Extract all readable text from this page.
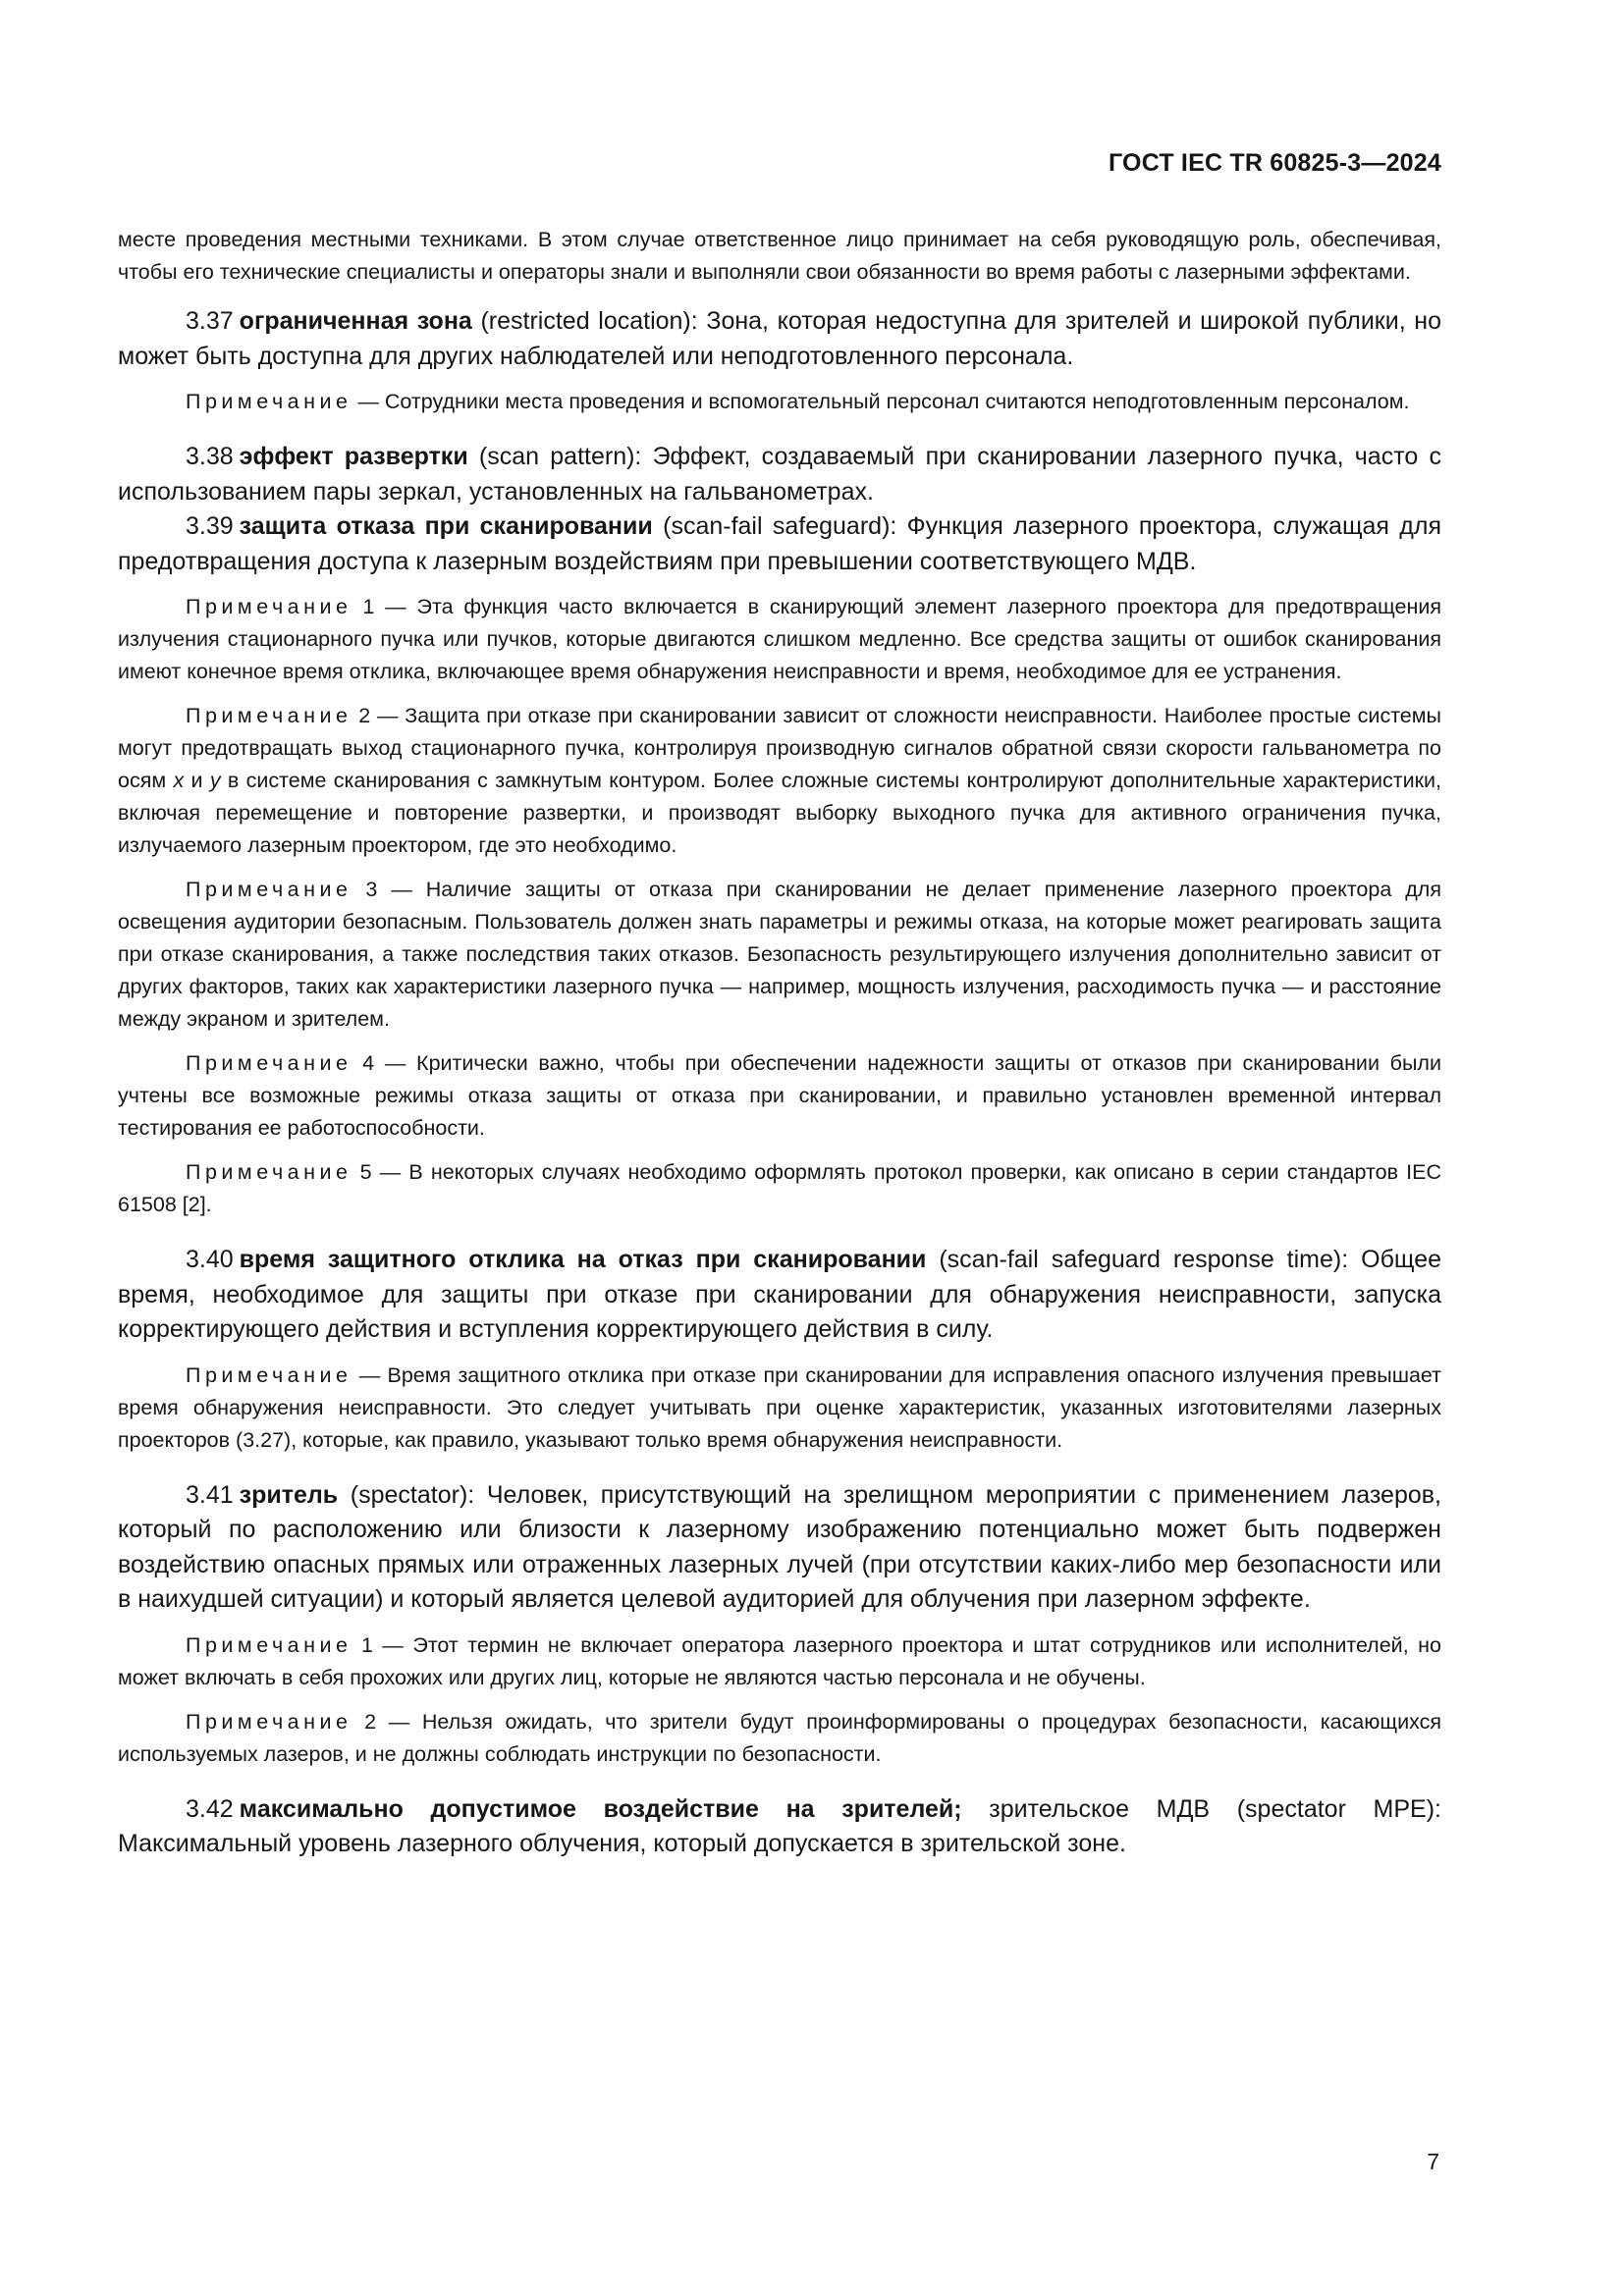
ГОСТ IEC TR 60825-3—2024

месте проведения местными техниками. В этом случае ответственное лицо принимает на себя руководящую роль, обеспечивая, чтобы его технические специалисты и операторы знали и выполняли свои обязанности во время работы с лазерными эффектами.

3.37 ограниченная зона (restricted location): Зона, которая недоступна для зрителей и широкой публики, но может быть доступна для других наблюдателей или неподготовленного персонала.

Примечание — Сотрудники места проведения и вспомогательный персонал считаются неподготовленным персоналом.

3.38 эффект развертки (scan pattern): Эффект, создаваемый при сканировании лазерного пучка, часто с использованием пары зеркал, установленных на гальванометрах.

3.39 защита отказа при сканировании (scan-fail safeguard): Функция лазерного проектора, служащая для предотвращения доступа к лазерным воздействиям при превышении соответствующего МДВ.

Примечание 1 — Эта функция часто включается в сканирующий элемент лазерного проектора для предотвращения излучения стационарного пучка или пучков, которые двигаются слишком медленно. Все средства защиты от ошибок сканирования имеют конечное время отклика, включающее время обнаружения неисправности и время, необходимое для ее устранения.

Примечание 2 — Защита при отказе при сканировании зависит от сложности неисправности. Наиболее простые системы могут предотвращать выход стационарного пучка, контролируя производную сигналов обратной связи скорости гальванометра по осям x и y в системе сканирования с замкнутым контуром. Более сложные системы контролируют дополнительные характеристики, включая перемещение и повторение развертки, и производят выборку выходного пучка для активного ограничения пучка, излучаемого лазерным проектором, где это необходимо.

Примечание 3 — Наличие защиты от отказа при сканировании не делает применение лазерного проектора для освещения аудитории безопасным. Пользователь должен знать параметры и режимы отказа, на которые может реагировать защита при отказе сканирования, а также последствия таких отказов. Безопасность результирующего излучения дополнительно зависит от других факторов, таких как характеристики лазерного пучка — например, мощность излучения, расходимость пучка — и расстояние между экраном и зрителем.

Примечание 4 — Критически важно, чтобы при обеспечении надежности защиты от отказов при сканировании были учтены все возможные режимы отказа защиты от отказа при сканировании, и правильно установлен временной интервал тестирования ее работоспособности.

Примечание 5 — В некоторых случаях необходимо оформлять протокол проверки, как описано в серии стандартов IEC 61508 [2].

3.40 время защитного отклика на отказ при сканировании (scan-fail safeguard response time): Общее время, необходимое для защиты при отказе при сканировании для обнаружения неисправности, запуска корректирующего действия и вступления корректирующего действия в силу.

Примечание — Время защитного отклика при отказе при сканировании для исправления опасного излучения превышает время обнаружения неисправности. Это следует учитывать при оценке характеристик, указанных изготовителями лазерных проекторов (3.27), которые, как правило, указывают только время обнаружения неисправности.

3.41 зритель (spectator): Человек, присутствующий на зрелищном мероприятии с применением лазеров, который по расположению или близости к лазерному изображению потенциально может быть подвержен воздействию опасных прямых или отраженных лазерных лучей (при отсутствии каких-либо мер безопасности или в наихудшей ситуации) и который является целевой аудиторией для облучения при лазерном эффекте.

Примечание 1 — Этот термин не включает оператора лазерного проектора и штат сотрудников или исполнителей, но может включать в себя прохожих или других лиц, которые не являются частью персонала и не обучены.

Примечание 2 — Нельзя ожидать, что зрители будут проинформированы о процедурах безопасности, касающихся используемых лазеров, и не должны соблюдать инструкции по безопасности.

3.42 максимально допустимое воздействие на зрителей; зрительское МДВ (spectator MPE): Максимальный уровень лазерного облучения, который допускается в зрительской зоне.

7
